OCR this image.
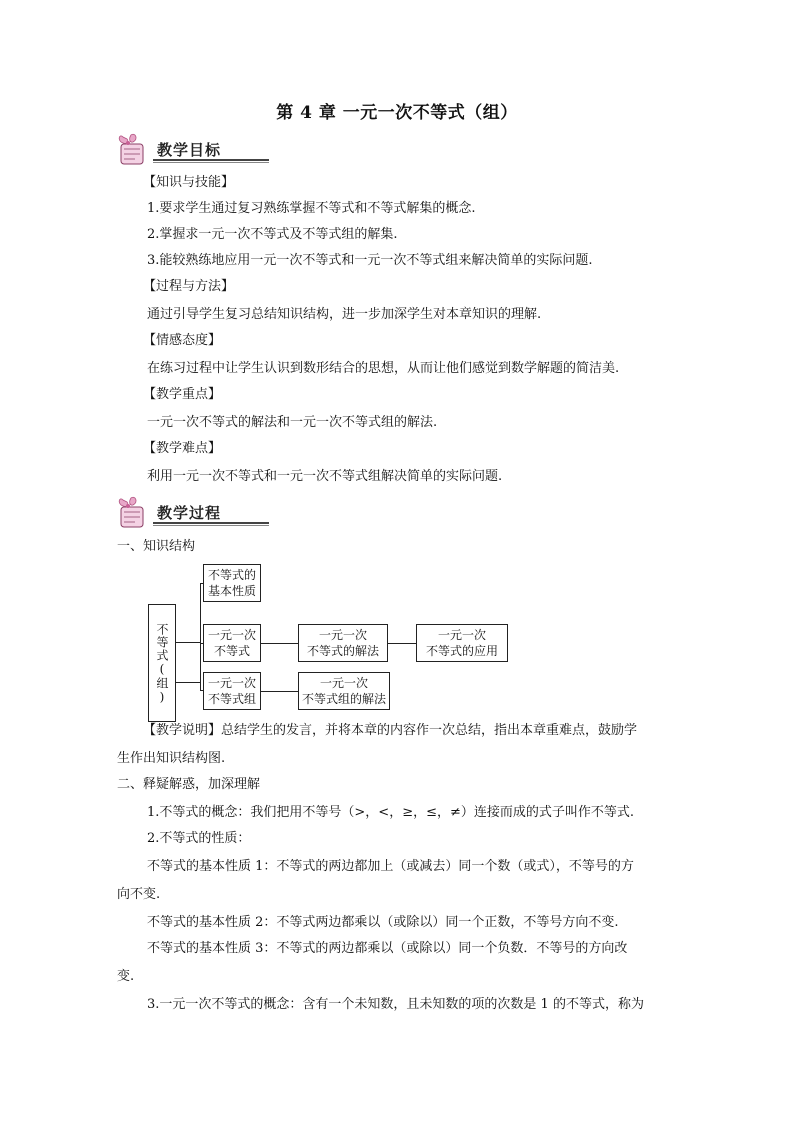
第 4 章 一元一次不等式（组）
教学目标
【知识与技能】
1.要求学生通过复习熟练掌握不等式和不等式解集的概念.
2.掌握求一元一次不等式及不等式组的解集.
3.能较熟练地应用一元一次不等式和一元一次不等式组来解决简单的实际问题.
【过程与方法】
通过引导学生复习总结知识结构，进一步加深学生对本章知识的理解.
【情感态度】
在练习过程中让学生认识到数形结合的思想，从而让他们感觉到数学解题的简洁美.
【教学重点】
一元一次不等式的解法和一元一次不等式组的解法.
【教学难点】
利用一元一次不等式和一元一次不等式组解决简单的实际问题.
教学过程
一、知识结构
不等式(组)
不等式的
基本性质
一元一次
不等式
一元一次
不等式的解法
一元一次
不等式的应用
一元一次
不等式组
一元一次
不等式组的解法
【教学说明】总结学生的发言，并将本章的内容作一次总结，指出本章重难点，鼓励学
生作出知识结构图.
二、释疑解惑，加深理解
1.不等式的概念：我们把用不等号（>，<，≥，≤，≠）连接而成的式子叫作不等式.
2.不等式的性质：
不等式的基本性质 1：不等式的两边都加上（或减去）同一个数（或式），不等号的方
向不变.
不等式的基本性质 2：不等式两边都乘以（或除以）同一个正数，不等号方向不变.
不等式的基本性质 3：不等式的两边都乘以（或除以）同一个负数．不等号的方向改
变.
3.一元一次不等式的概念：含有一个未知数，且未知数的项的次数是 1 的不等式，称为
